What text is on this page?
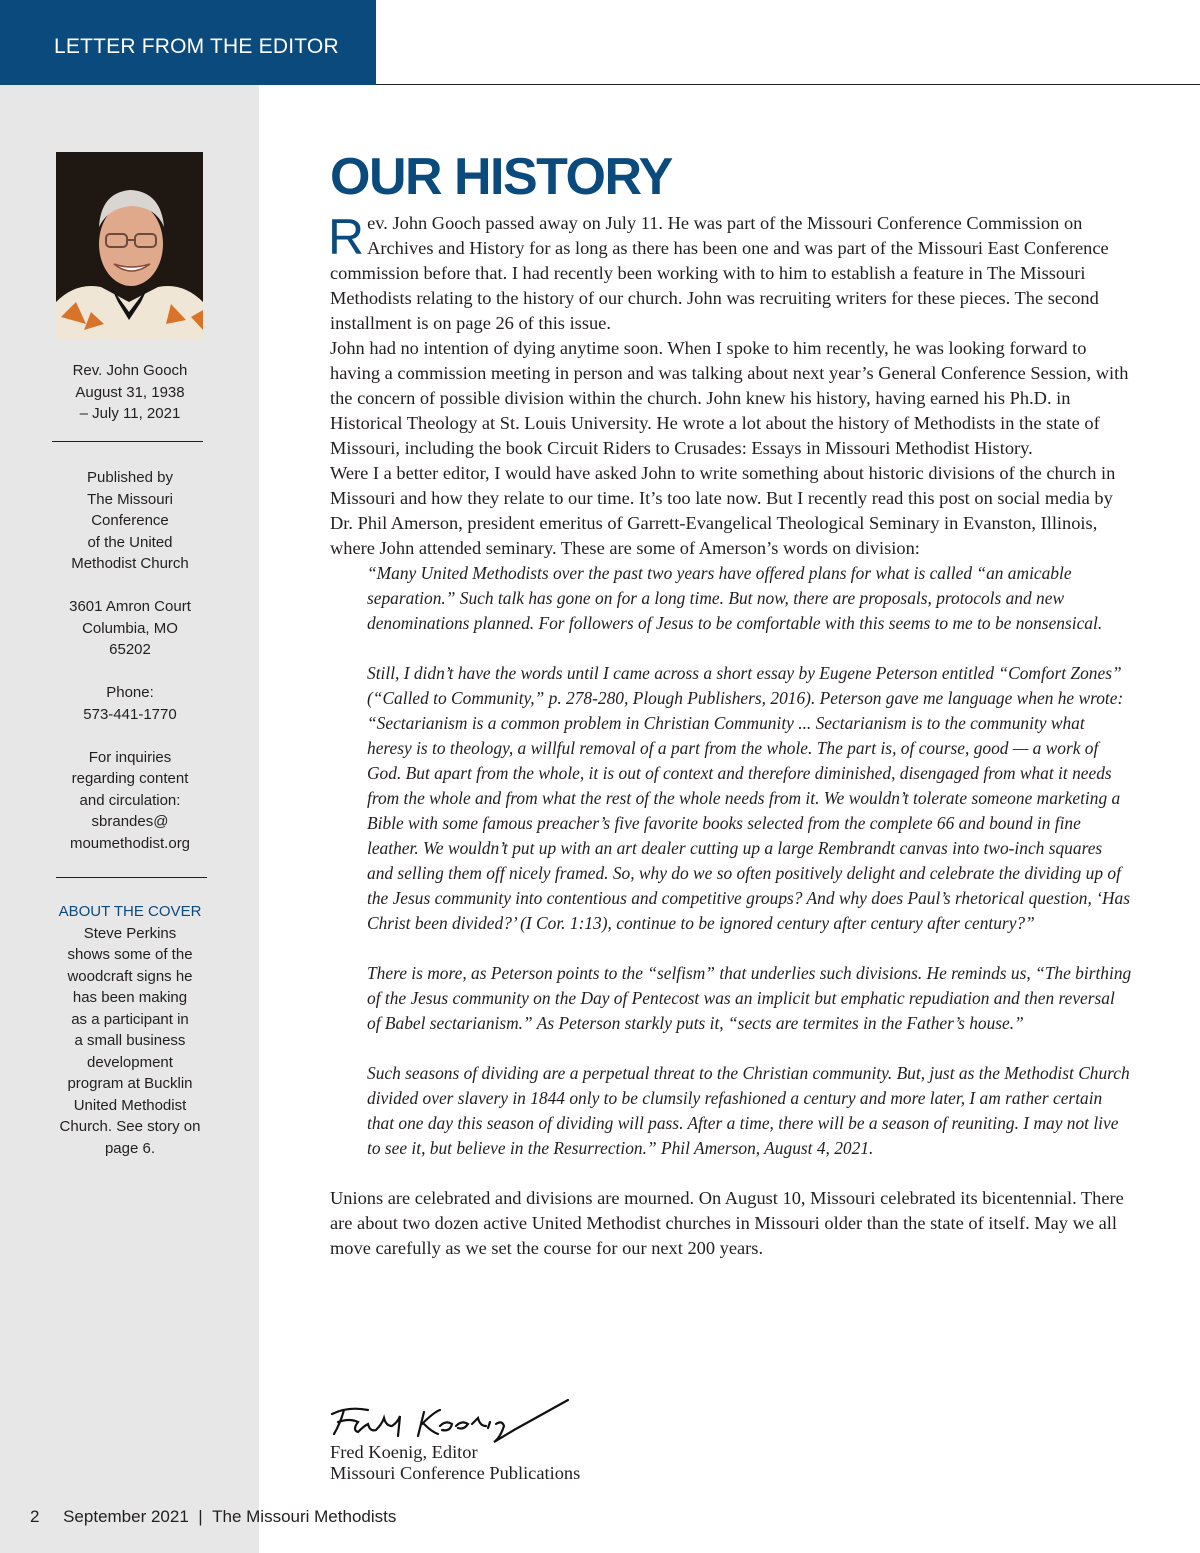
LETTER FROM THE EDITOR

Rev. John Gooch

August 31, 1938

– July 11, 2021

Published by

The Missouri

Conference

of the United

Methodist Church

3601 Amron Court

Columbia, MO

65202

Phone:

573-441-1770

For inquiries

regarding content

and circulation:

sbrandes@

moumethodist.org

ABOUT THE COVER

Steve Perkins

shows some of the

woodcraft signs he

has been making

as a participant in

a small business

development

program at Bucklin

United Methodist

Church. See story on

page 6.

OUR HISTORY

Rev. John Gooch passed away on July 11. He was part of the Missouri Conference Commission on Archives and History for as long as there has been one and was part of the Missouri East Conference commission before that. I had recently been working with to him to establish a feature in The Missouri Methodists relating to the history of our church. John was recruiting writers for these pieces. The second installment is on page 26 of this issue.

John had no intention of dying anytime soon. When I spoke to him recently, he was looking forward to having a commission meeting in person and was talking about next year’s General Conference Session, with the concern of possible division within the church. John knew his history, having earned his Ph.D. in Historical Theology at St. Louis University. He wrote a lot about the history of Methodists in the state of Missouri, including the book Circuit Riders to Crusades: Essays in Missouri Methodist History.

Were I a better editor, I would have asked John to write something about historic divisions of the church in Missouri and how they relate to our time. It’s too late now. But I recently read this post on social media by Dr. Phil Amerson, president emeritus of Garrett-Evangelical Theological Seminary in Evanston, Illinois, where John attended seminary. These are some of Amerson’s words on division:

“Many United Methodists over the past two years have offered plans for what is called “an amicable separation.” Such talk has gone on for a long time. But now, there are proposals, protocols and new denominations planned. For followers of Jesus to be comfortable with this seems to me to be nonsensical.

Still, I didn’t have the words until I came across a short essay by Eugene Peterson entitled “Comfort Zones” (“Called to Community,” p. 278-280, Plough Publishers, 2016). Peterson gave me language when he wrote: “Sectarianism is a common problem in Christian Community ... Sectarianism is to the community what heresy is to theology, a willful removal of a part from the whole. The part is, of course, good — a work of God. But apart from the whole, it is out of context and therefore diminished, disengaged from what it needs from the whole and from what the rest of the whole needs from it. We wouldn’t tolerate someone marketing a Bible with some famous preacher’s five favorite books selected from the complete 66 and bound in fine leather. We wouldn’t put up with an art dealer cutting up a large Rembrandt canvas into two-inch squares and selling them off nicely framed. So, why do we so often positively delight and celebrate the dividing up of the Jesus community into contentious and competitive groups? And why does Paul’s rhetorical question, ‘Has Christ been divided?’ (I Cor. 1:13), continue to be ignored century after century after century?”

There is more, as Peterson points to the “selfism” that underlies such divisions. He reminds us, “The birthing of the Jesus community on the Day of Pentecost was an implicit but emphatic repudiation and then reversal of Babel sectarianism.” As Peterson starkly puts it, “sects are termites in the Father’s house.”

Such seasons of dividing are a perpetual threat to the Christian community. But, just as the Methodist Church divided over slavery in 1844 only to be clumsily refashioned a century and more later, I am rather certain that one day this season of dividing will pass. After a time, there will be a season of reuniting. I may not live to see it, but believe in the Resurrection.” Phil Amerson, August 4, 2021.

Unions are celebrated and divisions are mourned. On August 10, Missouri celebrated its bicentennial. There are about two dozen active United Methodist churches in Missouri older than the state of itself. May we all move carefully as we set the course for our next 200 years.

Fred Koenig, Editor
Missouri Conference Publications
2 September 2021 | The Missouri Methodists
